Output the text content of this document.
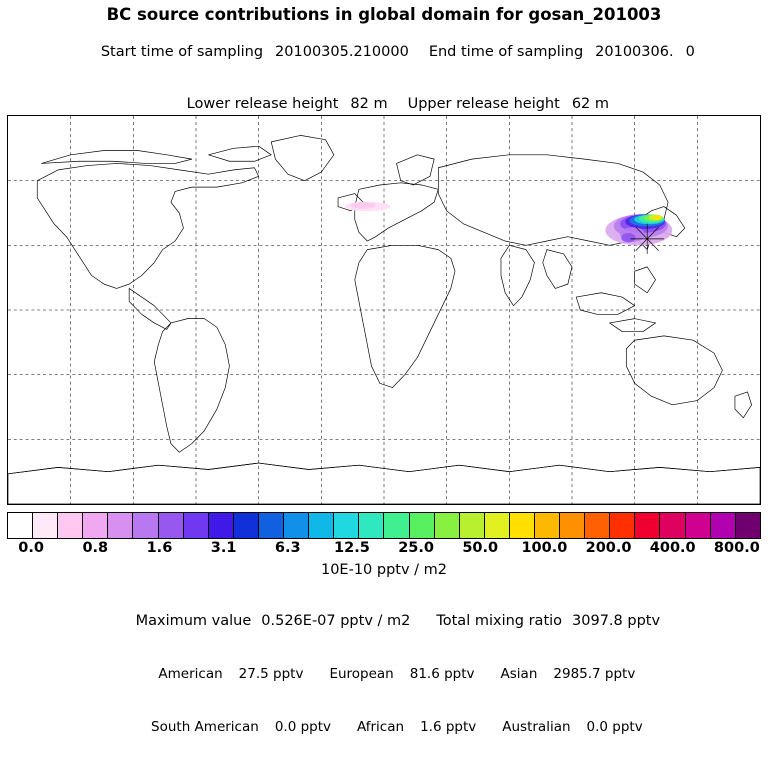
BC source contributions in global domain for gosan_201003

Start time of sampling 20100305.210000 End time of sampling 20100306. 0

Lower release height 82 m Upper release height 62 m

0.0	0.8	1.6	3.1	6.3 12.5 25.0 50.0 100.0 200.0 400.0 800.0
10E-10 pptv / m2

Maximum value 0.526E-07 pptv / m2 Total mixing ratio 3097.8 pptv

American 27.5 pptv European 81.6 pptv Asian 2985.7 pptv

South American 0.0 pptv African 1.6 pptv Australian 0.0 pptv
